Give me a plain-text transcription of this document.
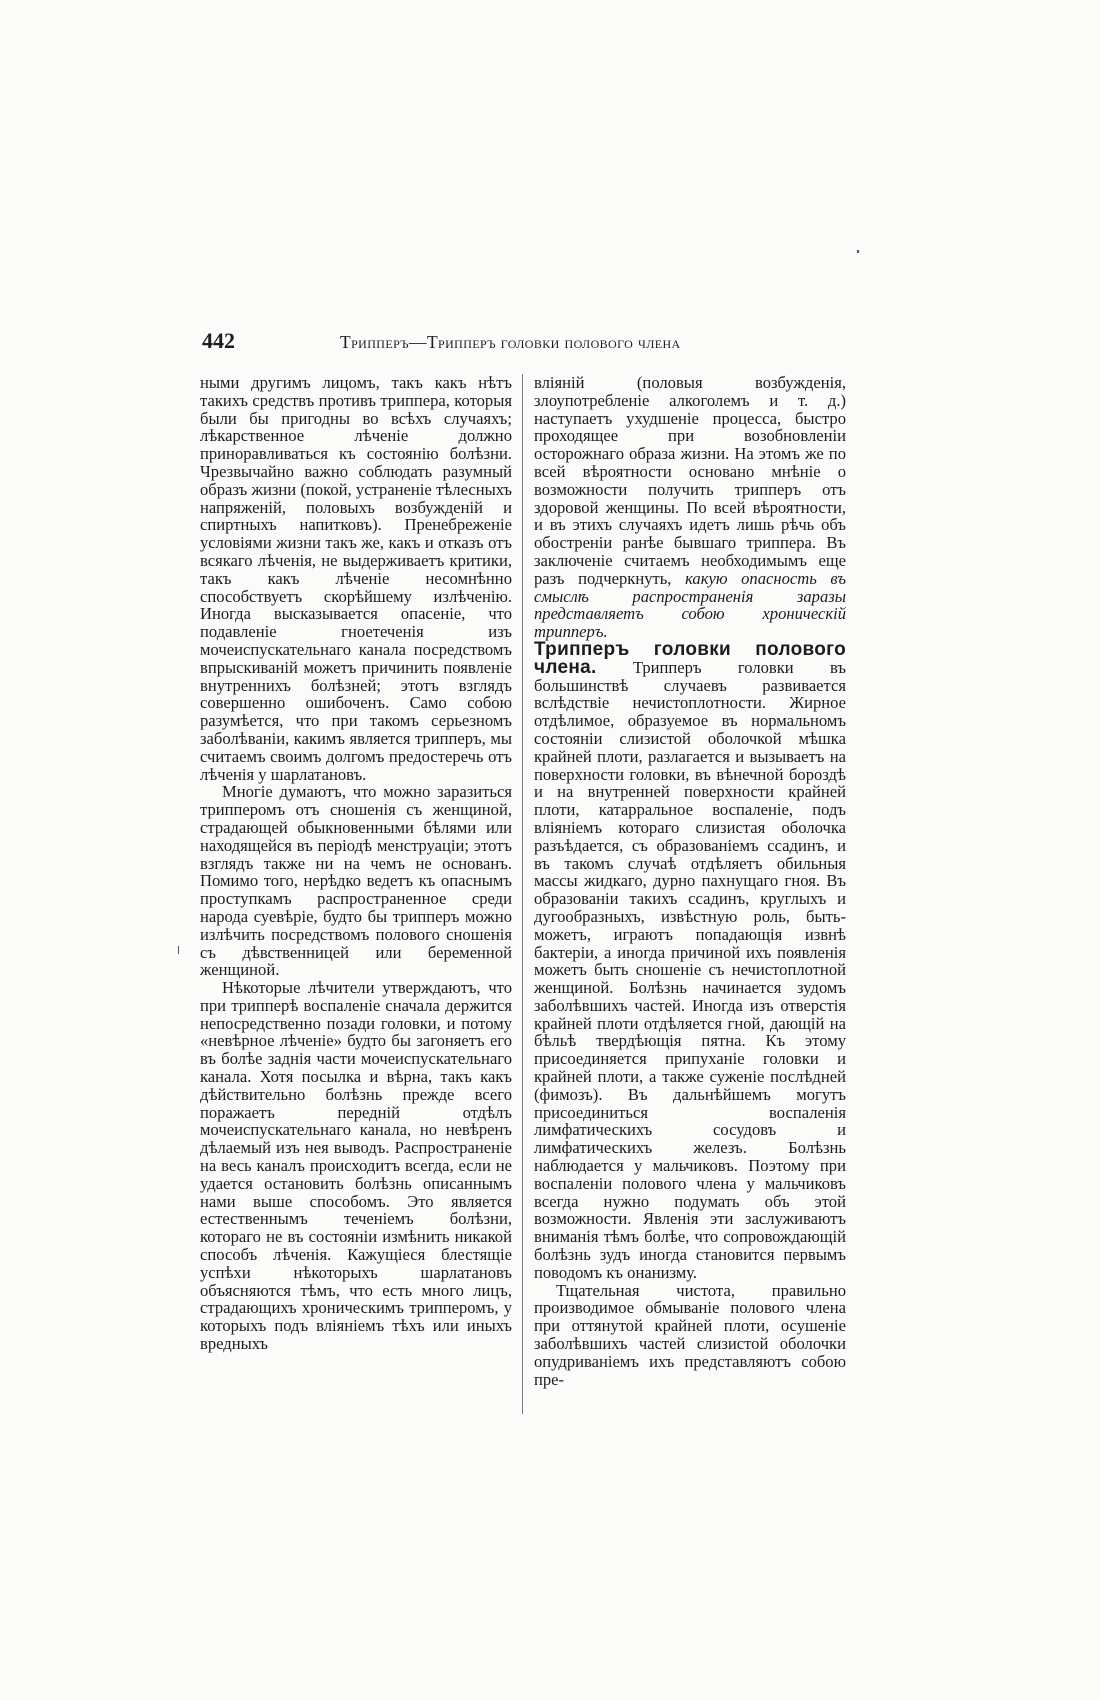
442	Трипперъ—Трипперъ головки полового члена

ными другимъ лицомъ, такъ какъ нѣтъ такихъ средствъ противъ триппера, которыя были бы пригодны во всѣхъ случаяхъ; лѣкарственное лѣченіе должно приноравливаться къ состоянію болѣзни. Чрезвычайно важно соблюдать разумный образъ жизни (покой, устраненіе тѣлесныхъ напряженій, половыхъ возбужденій и спиртныхъ напитковъ). Пренебреженіе условіями жизни такъ же, какъ и отказъ отъ всякаго лѣченія, не выдерживаетъ критики, такъ какъ лѣченіе несомнѣнно способствуетъ скорѣйшему излѣченію. Иногда высказывается опасеніе, что подавленіе гноетеченія изъ мочеиспускательнаго канала посредствомъ впрыскиваній можетъ причинить появленіе внутреннихъ болѣзней; этотъ взглядъ совершенно ошибоченъ. Само собою разумѣется, что при такомъ серьезномъ заболѣваніи, какимъ является трипперъ, мы считаемъ своимъ долгомъ предостеречь отъ лѣченія у шарлатановъ.

Многіе думаютъ, что можно заразиться трипперомъ отъ сношенія съ женщиной, страдающей обыкновенными бѣлями или находящейся въ періодѣ менструаціи; этотъ взглядъ также ни на чемъ не основанъ. Помимо того, нерѣдко ведетъ къ опаснымъ проступкамъ распространенное среди народа суевѣріе, будто бы трипперъ можно излѣчить посредствомъ полового сношенія съ дѣвственницей или беременной женщиной.

Нѣкоторые лѣчители утверждаютъ, что при трипперѣ воспаленіе сначала держится непосредственно позади головки, и потому «невѣрное лѣченіе» будто бы загоняетъ его въ болѣе заднія части мочеиспускательнаго канала. Хотя посылка и вѣрна, такъ какъ дѣйствительно болѣзнь прежде всего поражаетъ передній отдѣлъ мочеиспускательнаго канала, но невѣренъ дѣлаемый изъ нея выводъ. Распространеніе на весь каналъ происходитъ всегда, если не удается остановить болѣзнь описаннымъ нами выше способомъ. Это является естественнымъ теченіемъ болѣзни, котораго не въ состояніи измѣнить никакой способъ лѣченія. Кажущіеся блестящіе успѣхи нѣкоторыхъ шарлатановъ объясняются тѣмъ, что есть много лицъ, страдающихъ хроническимъ трипперомъ, у которыхъ подъ вліяніемъ тѣхъ или иныхъ вредныхъ

вліяній (половыя возбужденія, злоупотребленіе алкоголемъ и т. д.) наступаетъ ухудшеніе процесса, быстро проходящее при возобновленіи осторожнаго образа жизни. На этомъ же по всей вѣроятности основано мнѣніе о возможности получить трипперъ отъ здоровой женщины. По всей вѣроятности, и въ этихъ случаяхъ идетъ лишь рѣчь объ обостреніи ранѣе бывшаго триппера. Въ заключеніе считаемъ необходимымъ еще разъ подчеркнуть, какую опасность въ смыслѣ распространенія заразы представляетъ собою хроническій трипперъ.

Трипперъ головки полового члена. Трипперъ головки въ большинствѣ случаевъ развивается вслѣдствіе нечистоплотности. Жирное отдѣлимое, образуемое въ нормальномъ состояніи слизистой оболочкой мѣшка крайней плоти, разлагается и вызываетъ на поверхности головки, въ вѣнечной бороздѣ и на внутренней поверхности крайней плоти, катарральное воспаленіе, подъ вліяніемъ котораго слизистая оболочка разъѣдается, съ образованіемъ ссадинъ, и въ такомъ случаѣ отдѣляетъ обильныя массы жидкаго, дурно пахнущаго гноя. Въ образованіи такихъ ссадинъ, круглыхъ и дугообразныхъ, извѣстную роль, быть-можетъ, играютъ попадающія извнѣ бактеріи, а иногда причиной ихъ появленія можетъ быть сношеніе съ нечистоплотной женщиной. Болѣзнь начинается зудомъ заболѣвшихъ частей. Иногда изъ отверстія крайней плоти отдѣляется гной, дающій на бѣльѣ твердѣющія пятна. Къ этому присоединяется припуханіе головки и крайней плоти, а также суженіе послѣдней (фимозъ). Въ дальнѣйшемъ могутъ присоединиться воспаленія лимфатическихъ сосудовъ и лимфатическихъ железъ. Болѣзнь наблюдается у мальчиковъ. Поэтому при воспаленіи полового члена у мальчиковъ всегда нужно подумать объ этой возможности. Явленія эти заслуживаютъ вниманія тѣмъ болѣе, что сопровождающій болѣзнь зудъ иногда становится первымъ поводомъ къ онанизму.

Тщательная чистота, правильно производимое обмываніе полового члена при оттянутой крайней плоти, осушеніе заболѣвшихъ частей слизистой оболочки опудриваніемъ ихъ представляютъ собою пре-
